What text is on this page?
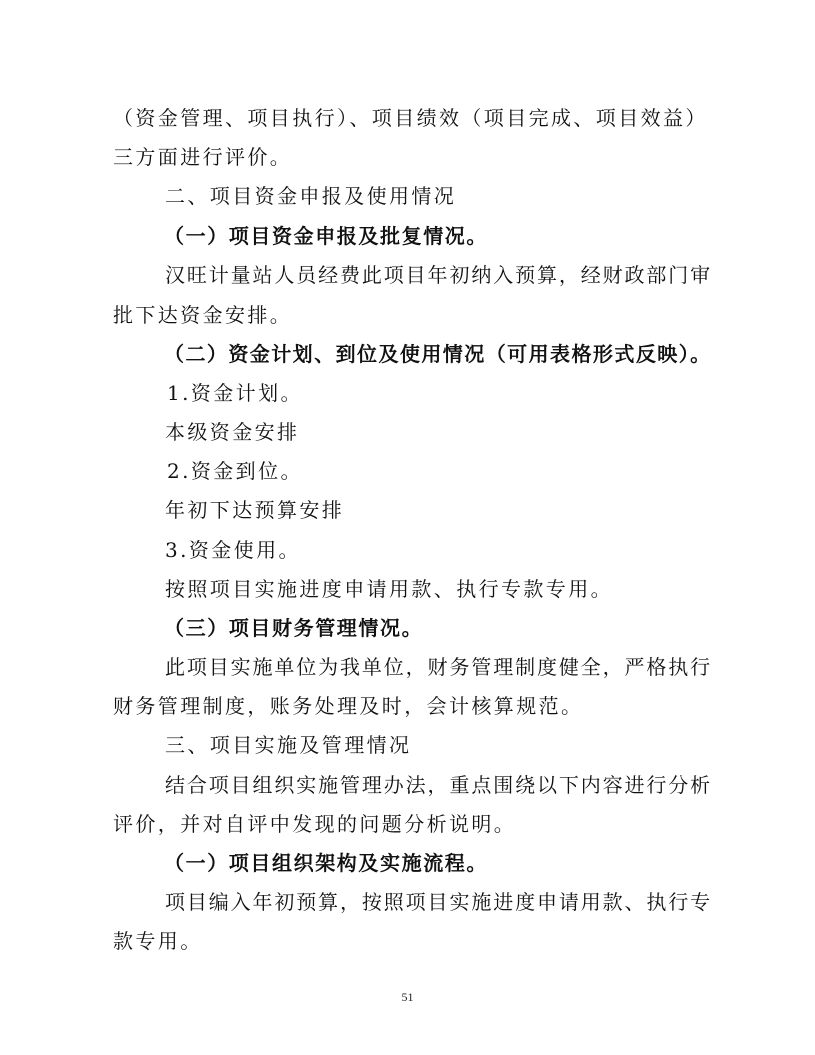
（资金管理、项目执行）、项目绩效（项目完成、项目效益）
三方面进行评价。
二、项目资金申报及使用情况
（一）项目资金申报及批复情况。
汉旺计量站人员经费此项目年初纳入预算，经财政部门审
批下达资金安排。
（二）资金计划、到位及使用情况（可用表格形式反映）。
1.资金计划。
本级资金安排
2.资金到位。
年初下达预算安排
3.资金使用。
按照项目实施进度申请用款、执行专款专用。
（三）项目财务管理情况。
此项目实施单位为我单位，财务管理制度健全，严格执行
财务管理制度，账务处理及时，会计核算规范。
三、项目实施及管理情况
结合项目组织实施管理办法，重点围绕以下内容进行分析
评价，并对自评中发现的问题分析说明。
（一）项目组织架构及实施流程。
项目编入年初预算，按照项目实施进度申请用款、执行专
款专用。
51
